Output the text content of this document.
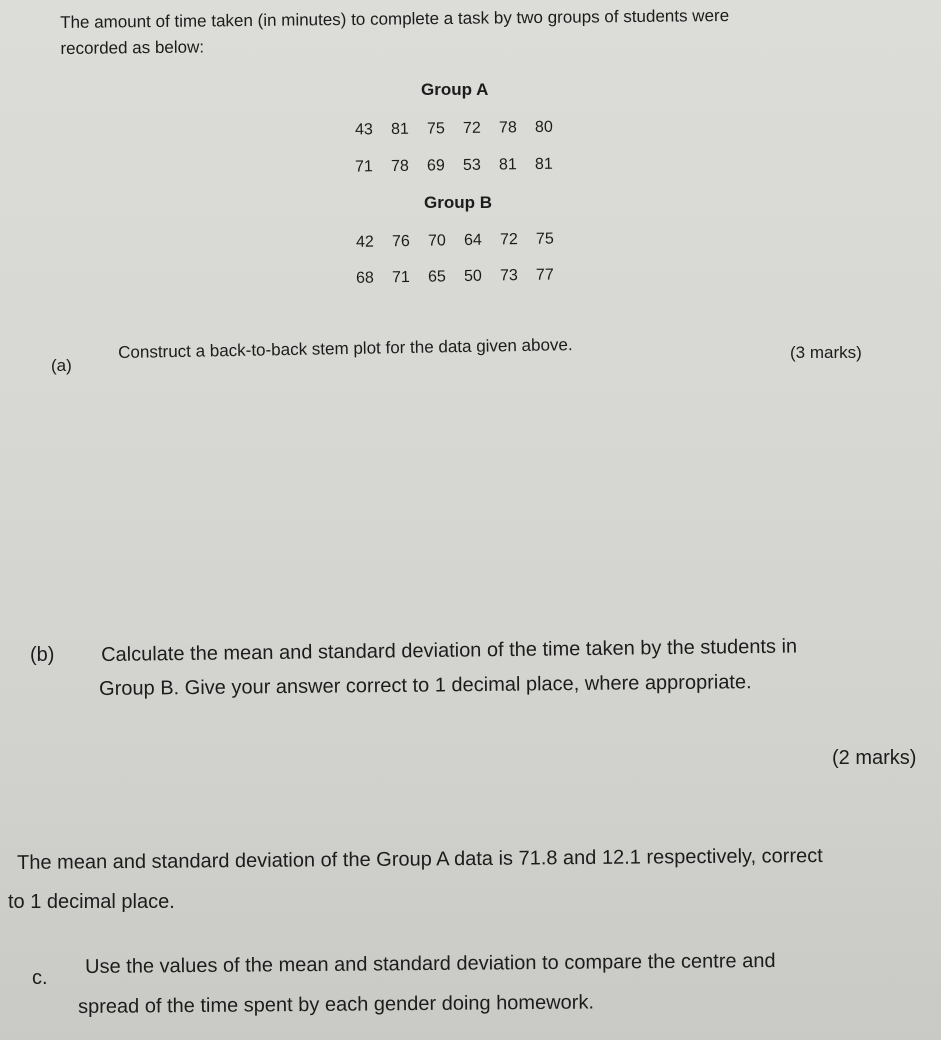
The amount of time taken (in minutes) to complete a task by two groups of students were
recorded as below:
Group A
43	81	75	72	78	80
71	78	69	53	81	81
Group B
42	76	70	64	72	75
68	71	65	50	73	77
(a)
Construct a back-to-back stem plot for the data given above.	(3 marks)
(b) Calculate the mean and standard deviation of the time taken by the students in
Group B. Give your answer correct to 1 decimal place, where appropriate.
(2 marks)
The mean and standard deviation of the Group A data is 71.8 and 12.1 respectively, correct
to 1 decimal place.
c.
Use the values of the mean and standard deviation to compare the centre and
spread of the time spent by each gender doing homework.
